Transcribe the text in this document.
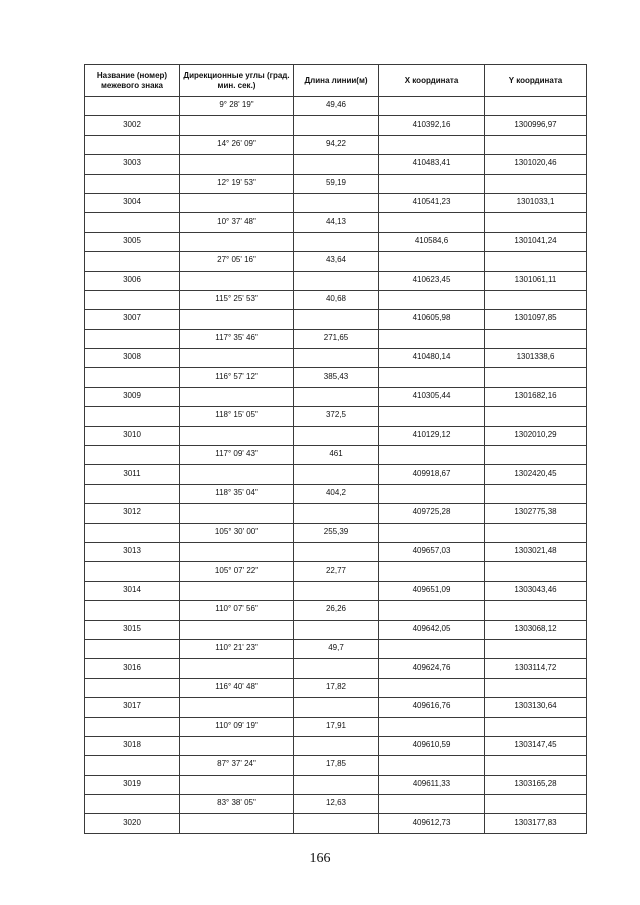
Название (номер) межевого знака	Дирекционные углы (град. мин. сек.)	Длина линии(м)	Х координата	Y координата
	9° 28' 19"	49,46		
3002			410392,16	1300996,97
	14° 26' 09"	94,22		
3003			410483,41	1301020,46
	12° 19' 53"	59,19		
3004			410541,23	1301033,1
	10° 37' 48"	44,13		
3005			410584,6	1301041,24
	27° 05' 16"	43,64		
3006			410623,45	1301061,11
	115° 25' 53"	40,68		
3007			410605,98	1301097,85
	117° 35' 46"	271,65		
3008			410480,14	1301338,6
	116° 57' 12"	385,43		
3009			410305,44	1301682,16
	118° 15' 05"	372,5		
3010			410129,12	1302010,29
	117° 09' 43"	461		
3011			409918,67	1302420,45
	118° 35' 04"	404,2		
3012			409725,28	1302775,38
	105° 30' 00"	255,39		
3013			409657,03	1303021,48
	105° 07' 22"	22,77		
3014			409651,09	1303043,46
	110° 07' 56"	26,26		
3015			409642,05	1303068,12
	110° 21' 23"	49,7		
3016			409624,76	1303114,72
	116° 40' 48"	17,82		
3017			409616,76	1303130,64
	110° 09' 19"	17,91		
3018			409610,59	1303147,45
	87° 37' 24"	17,85		
3019			409611,33	1303165,28
	83° 38' 05"	12,63		
3020			409612,73	1303177,83
166
